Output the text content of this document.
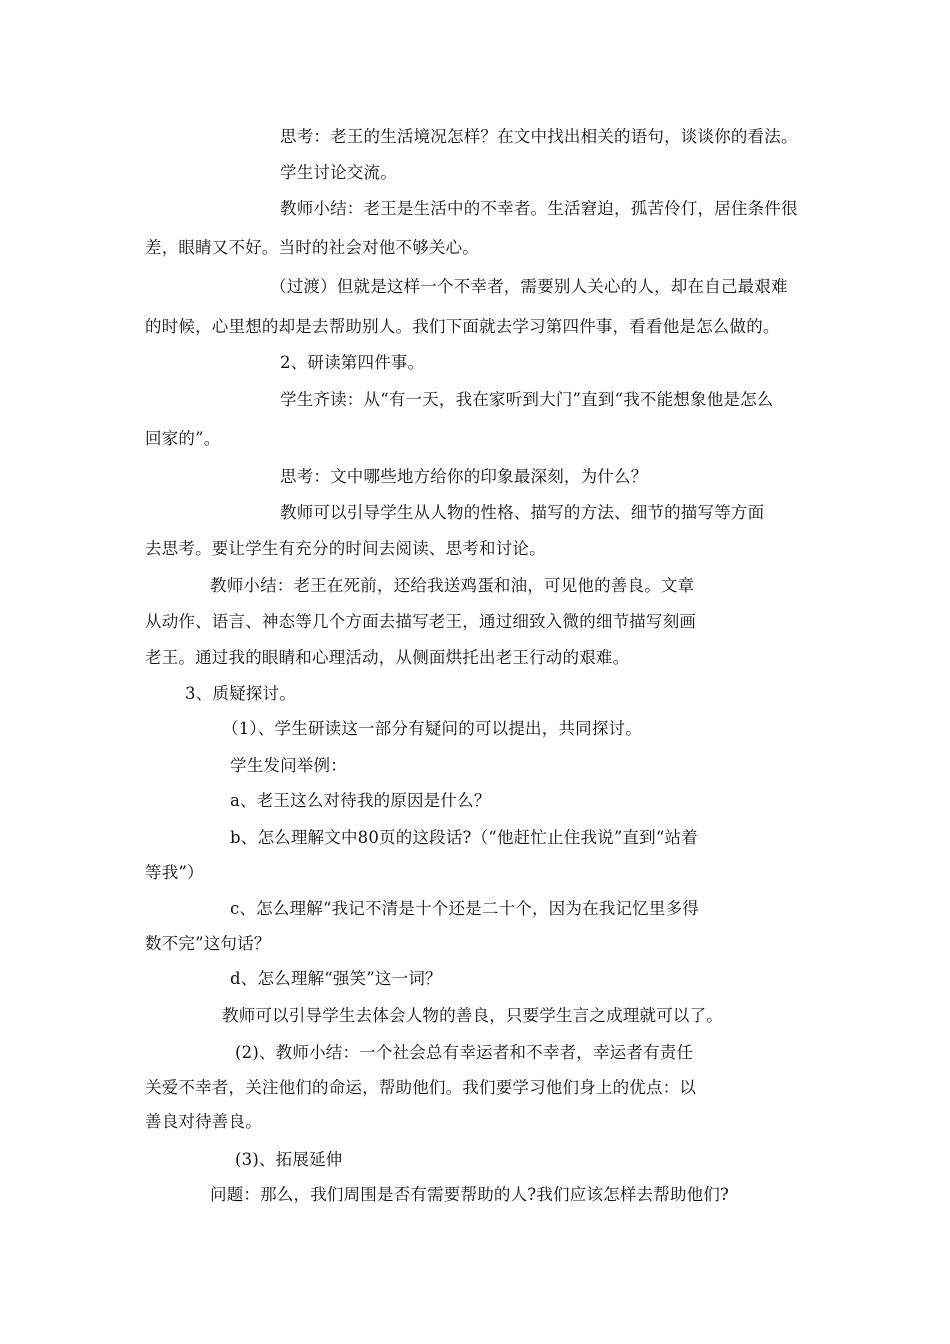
思考：老王的生活境况怎样？在文中找出相关的语句，谈谈你的看法。
学生讨论交流。
教师小结：老王是生活中的不幸者。生活窘迫，孤苦伶仃，居住条件很
差，眼睛又不好。当时的社会对他不够关心。
（过渡）但就是这样一个不幸者，需要别人关心的人，却在自己最艰难
的时候，心里想的却是去帮助别人。我们下面就去学习第四件事，看看他是怎么做的。
2、研读第四件事。
学生齐读：从“有一天，我在家听到大门”直到“我不能想象他是怎么
回家的”。
思考：文中哪些地方给你的印象最深刻，为什么？
教师可以引导学生从人物的性格、描写的方法、细节的描写等方面
去思考。要让学生有充分的时间去阅读、思考和讨论。
教师小结：老王在死前，还给我送鸡蛋和油，可见他的善良。文章
从动作、语言、神态等几个方面去描写老王，通过细致入微的细节描写刻画
老王。通过我的眼睛和心理活动，从侧面烘托出老王行动的艰难。
3、质疑探讨。
（1）、学生研读这一部分有疑问的可以提出，共同探讨。
学生发问举例：
a、老王这么对待我的原因是什么？
b、怎么理解文中80页的这段话?（“他赶忙止住我说”直到“站着
等我”）
c、怎么理解“我记不清是十个还是二十个，因为在我记忆里多得
数不完”这句话？
d、怎么理解“强笑”这一词？
教师可以引导学生去体会人物的善良，只要学生言之成理就可以了。
(2)、教师小结：一个社会总有幸运者和不幸者，幸运者有责任
关爱不幸者，关注他们的命运，帮助他们。我们要学习他们身上的优点：以
善良对待善良。
(3)、拓展延伸
问题：那么，我们周围是否有需要帮助的人?我们应该怎样去帮助他们?
